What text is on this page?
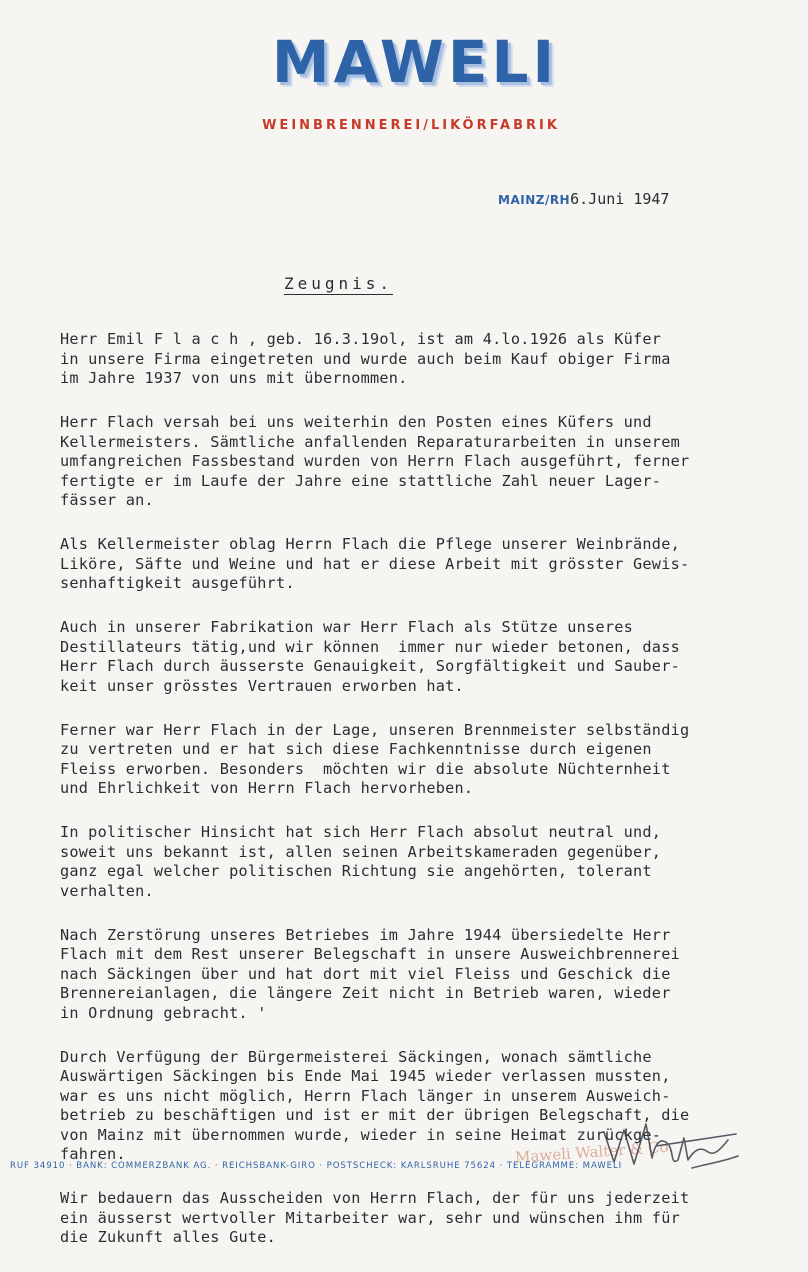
MAWELI
WEINBRENNEREI/LIKÖRFABRIK
MAINZ/RH6.Juni 1947
Zeugnis.
Herr Emil F l a c h , geb. 16.3.19ol, ist am 4.lo.1926 als Küfer
in unsere Firma eingetreten und wurde auch beim Kauf obiger Firma
im Jahre 1937 von uns mit übernommen.
Herr Flach versah bei uns weiterhin den Posten eines Küfers und
Kellermeisters. Sämtliche anfallenden Reparaturarbeiten in unserem
umfangreichen Fassbestand wurden von Herrn Flach ausgeführt, ferner
fertigte er im Laufe der Jahre eine stattliche Zahl neuer Lager-
fässer an.
Als Kellermeister oblag Herrn Flach die Pflege unserer Weinbrände,
Liköre, Säfte und Weine und hat er diese Arbeit mit grösster Gewis-
senhaftigkeit ausgeführt.
Auch in unserer Fabrikation war Herr Flach als Stütze unseres
Destillateurs tätig,und wir können  immer nur wieder betonen, dass
Herr Flach durch äusserste Genauigkeit, Sorgfältigkeit und Sauber-
keit unser grösstes Vertrauen erworben hat.
Ferner war Herr Flach in der Lage, unseren Brennmeister selbständig
zu vertreten und er hat sich diese Fachkenntnisse durch eigenen
Fleiss erworben. Besonders  möchten wir die absolute Nüchternheit
und Ehrlichkeit von Herrn Flach hervorheben.
In politischer Hinsicht hat sich Herr Flach absolut neutral und,
soweit uns bekannt ist, allen seinen Arbeitskameraden gegenüber,
ganz egal welcher politischen Richtung sie angehörten, tolerant
verhalten.
Nach Zerstörung unseres Betriebes im Jahre 1944 übersiedelte Herr
Flach mit dem Rest unserer Belegschaft in unsere Ausweichbrennerei
nach Säckingen über und hat dort mit viel Fleiss und Geschick die
Brennereianlagen, die längere Zeit nicht in Betrieb waren, wieder
in Ordnung gebracht. '
Durch Verfügung der Bürgermeisterei Säckingen, wonach sämtliche
Auswärtigen Säckingen bis Ende Mai 1945 wieder verlassen mussten,
war es uns nicht möglich, Herrn Flach länger in unserem Ausweich-
betrieb zu beschäftigen und ist er mit der übrigen Belegschaft, die
von Mainz mit übernommen wurde, wieder in seine Heimat zurückge-
fahren.
Wir bedauern das Ausscheiden von Herrn Flach, der für uns jederzeit
ein äusserst wertvoller Mitarbeiter war, sehr und wünschen ihm für
die Zukunft alles Gute.
Maweli Walter & Co.
RUF 34910 · BANK: COMMERZBANK AG. · REICHSBANK-GIRO · POSTSCHECK: KARLSRUHE 75624 · TELEGRAMME: MAWELI
